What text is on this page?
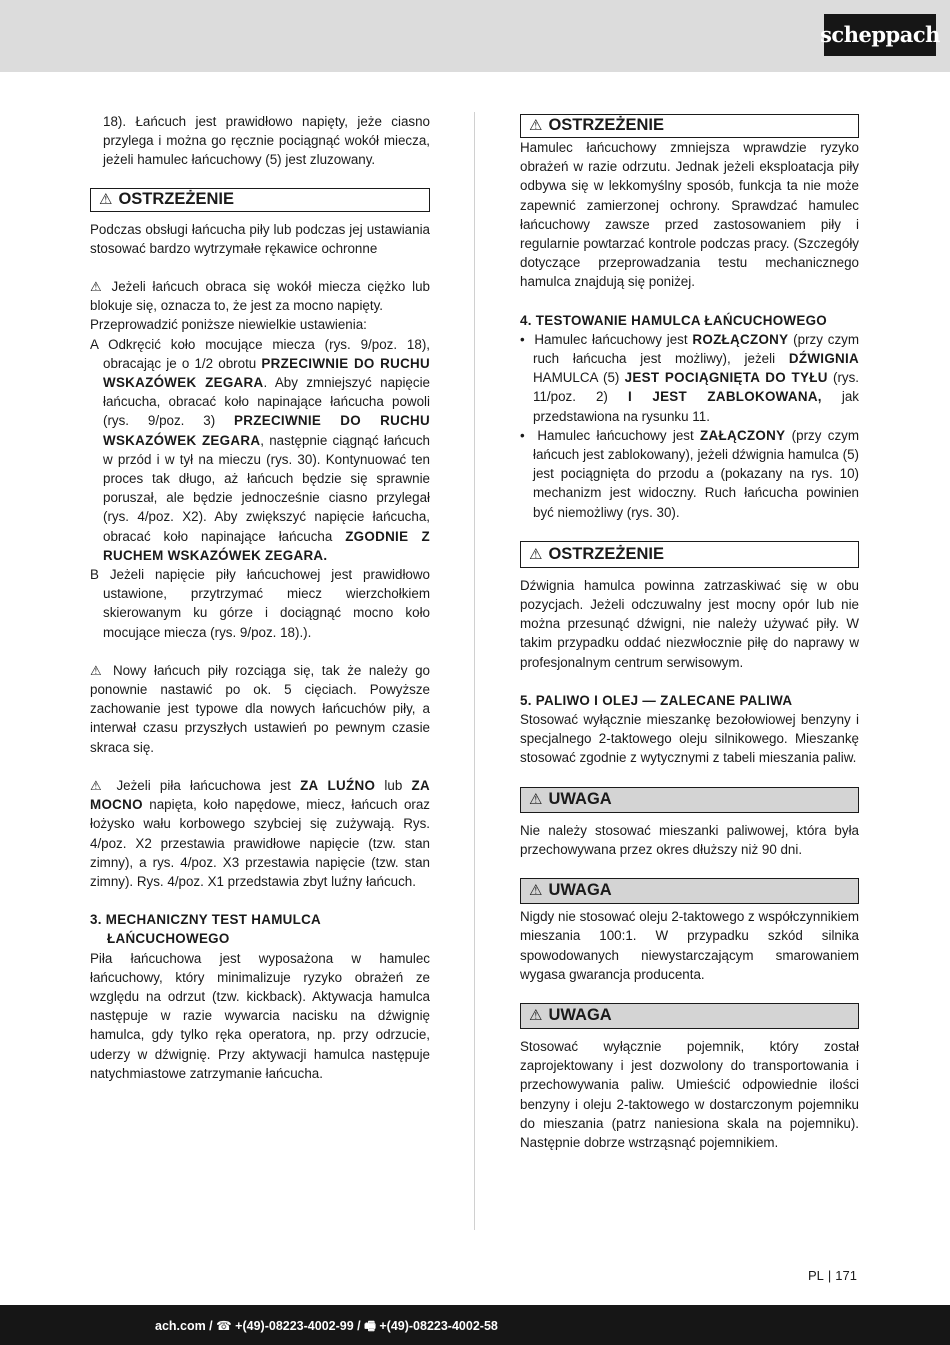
scheppach

18). Łańcuch jest prawidłowo napięty, jeże ciasno przylega i można go ręcznie pociągnąć wokół miecza, jeżeli hamulec łańcuchowy (5) jest zluzowany.

⚠ OSTRZEŻENIE

Podczas obsługi łańcucha piły lub podczas jej ustawiania stosować bardzo wytrzymałe rękawice ochronne

⚠ Jeżeli łańcuch obraca się wokół miecza ciężko lub blokuje się, oznacza to, że jest za mocno napięty.

Przeprowadzić poniższe niewielkie ustawienia:

A Odkręcić koło mocujące miecza (rys. 9/poz. 18), obracając je o 1/2 obrotu PRZECIWNIE DO RUCHU WSKAZÓWEK ZEGARA. Aby zmniejszyć napięcie łańcucha, obracać koło napinające łańcucha powoli (rys. 9/poz. 3) PRZECIWNIE DO RUCHU WSKAZÓWEK ZEGARA, następnie ciągnąć łańcuch w przód i w tył na mieczu (rys. 30). Kontynuować ten proces tak długo, aż łańcuch będzie się sprawnie poruszał, ale będzie jednocześnie ciasno przylegał (rys. 4/poz. X2). Aby zwiększyć napięcie łańcucha, obracać koło napinające łańcucha ZGODNIE Z RUCHEM WSKAZÓWEK ZEGARA.

B Jeżeli napięcie piły łańcuchowej jest prawidłowo ustawione, przytrzymać miecz wierzchołkiem skierowanym ku górze i dociągnąć mocno koło mocujące miecza (rys. 9/poz. 18).).

⚠ Nowy łańcuch piły rozciąga się, tak że należy go ponownie nastawić po ok. 5 cięciach. Powyższe zachowanie jest typowe dla nowych łańcuchów piły, a interwał czasu przyszłych ustawień po pewnym czasie skraca się.

⚠ Jeżeli piła łańcuchowa jest ZA LUŹNO lub ZA MOCNO napięta, koło napędowe, miecz, łańcuch oraz łożysko wału korbowego szybciej się zużywają. Rys. 4/poz. X2 przestawia prawidłowe napięcie (tzw. stan zimny), a rys. 4/poz. X3 przestawia napięcie (tzw. stan zimny). Rys. 4/poz. X1 przedstawia zbyt luźny łańcuch.

3. MECHANICZNY TEST HAMULCA ŁAŃCUCHOWEGO

Piła łańcuchowa jest wyposażona w hamulec łańcuchowy, który minimalizuje ryzyko obrażeń ze względu na odrzut (tzw. kickback). Aktywacja hamulca następuje w razie wywarcia nacisku na dźwignię hamulca, gdy tylko ręka operatora, np. przy odrzucie, uderzy w dźwignię. Przy aktywacji hamulca następuje natychmiastowe zatrzymanie łańcucha.

⚠ OSTRZEŻENIE

Hamulec łańcuchowy zmniejsza wprawdzie ryzyko obrażeń w razie odrzutu. Jednak jeżeli eksploatacja piły odbywa się w lekkomyślny sposób, funkcja ta nie może zapewnić zamierzonej ochrony. Sprawdzać hamulec łańcuchowy zawsze przed zastosowaniem piły i regularnie powtarzać kontrole podczas pracy. (Szczegóły dotyczące przeprowadzania testu mechanicznego hamulca znajdują się poniżej.

4. TESTOWANIE HAMULCA ŁAŃCUCHOWEGO

•  Hamulec łańcuchowy jest ROZŁĄCZONY (przy czym ruch łańcucha jest możliwy), jeżeli DŹWIGNIA HAMULCA (5) JEST POCIĄGNIĘTA DO TYŁU (rys. 11/poz. 2) I JEST ZABLOKOWANA, jak przedstawiona na rysunku 11.

•  Hamulec łańcuchowy jest ZAŁĄCZONY (przy czym łańcuch jest zablokowany), jeżeli dźwignia hamulca (5) jest pociągnięta do przodu a (pokazany na rys. 10) mechanizm jest widoczny. Ruch łańcucha powinien być niemożliwy (rys. 30).

⚠ OSTRZEŻENIE

Dźwignia hamulca powinna zatrzaskiwać się w obu pozycjach. Jeżeli odczuwalny jest mocny opór lub nie można przesunąć dźwigni, nie należy używać piły. W takim przypadku oddać niezwłocznie piłę do naprawy w profesjonalnym centrum serwisowym.

5. PALIWO I OLEJ — ZALECANE PALIWA

Stosować wyłącznie mieszankę bezołowiowej benzyny i specjalnego 2-taktowego oleju silnikowego. Mieszankę stosować zgodnie z wytycznymi z tabeli mieszania paliw.

⚠ UWAGA

Nie należy stosować mieszanki paliwowej, która była przechowywana przez okres dłuższy niż 90 dni.

⚠ UWAGA

Nigdy nie stosować oleju 2-taktowego z współczynnikiem mieszania 100:1. W przypadku szkód silnika spowodowanych niewystarczającym smarowaniem wygasa gwarancja producenta.

⚠ UWAGA

Stosować wyłącznie pojemnik, który został zaprojektowany i jest dozwolony do transportowania i przechowywania paliw. Umieścić odpowiednie ilości benzyny i oleju 2-taktowego w dostarczonym pojemniku do mieszania (patrz naniesiona skala na pojemniku). Następnie dobrze wstrząsnąć pojemnikiem.

PL | 171
ach.com / ☎ +(49)-08223-4002-99 / 🖷 +(49)-08223-4002-58
